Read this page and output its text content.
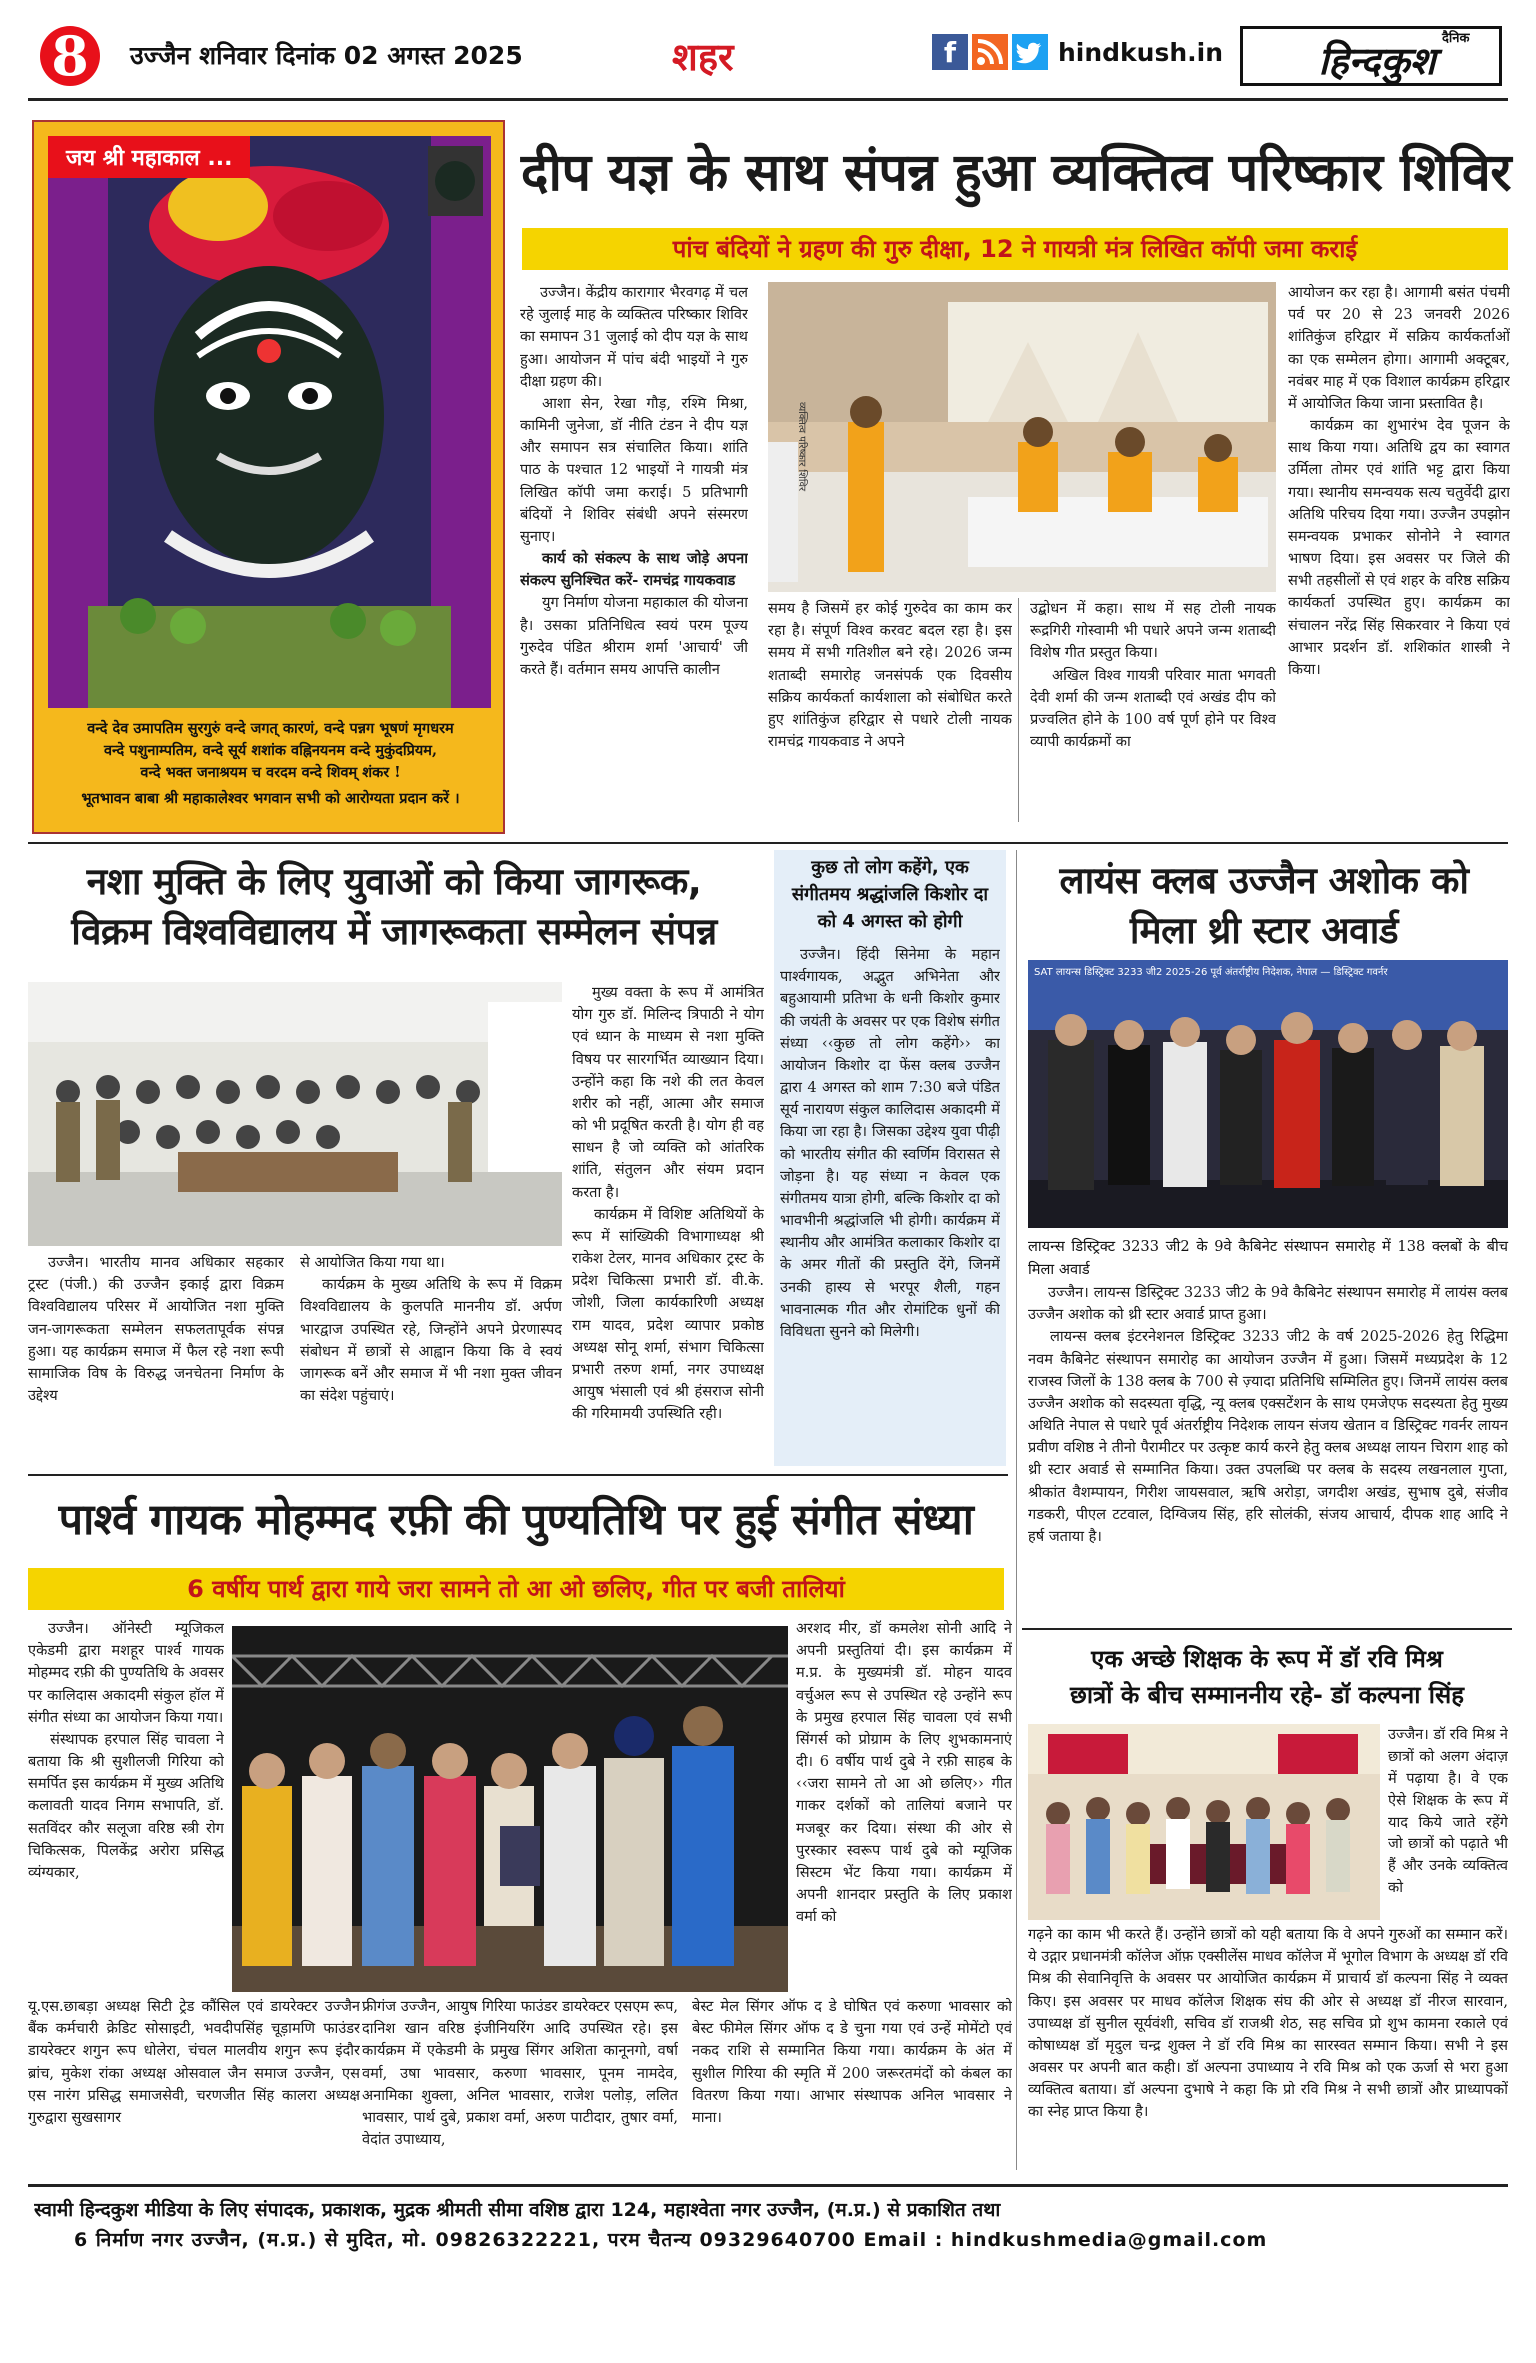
8	उज्जैन शनिवार दिनांक 02 अगस्त 2025	शहर	f	hindkush.in	दैनिक
हिन्दकुश
जय श्री महाकाल ...
वन्दे देव उमापतिम सुरगुरुं वन्दे जगत् कारणं, वन्दे पन्नग भूषणं मृगधरम
वन्दे पशुनाम्पतिम, वन्दे सूर्य शशांक वह्निनयनम वन्दे मुकुंदप्रियम,
वन्दे भक्त जनाश्रयम च वरदम वन्दे शिवम् शंकर !
भूतभावन बाबा श्री महाकालेश्वर भगवान सभी को आरोग्यता प्रदान करें ।
दीप यज्ञ के साथ संपन्न हुआ व्यक्तित्व परिष्कार शिविर
पांच बंदियों ने ग्रहण की गुरु दीक्षा, 12 ने गायत्री मंत्र लिखित कॉपी जमा कराई

उज्जैन। केंद्रीय कारागार भैरवगढ़ में चल रहे जुलाई माह के व्यक्तित्व परिष्कार शिविर का समापन 31 जुलाई को दीप यज्ञ के साथ हुआ। आयोजन में पांच बंदी भाइयों ने गुरु दीक्षा ग्रहण की।

आशा सेन, रेखा गौड़, रश्मि मिश्रा, कामिनी जुनेजा, डॉ नीति टंडन ने दीप यज्ञ और समापन सत्र संचालित किया। शांति पाठ के पश्चात 12 भाइयों ने गायत्री मंत्र लिखित कॉपी जमा कराई। 5 प्रतिभागी बंदियों ने शिविर संबंधी अपने संस्मरण सुनाए।

कार्य को संकल्प के साथ जोड़े अपना संकल्प सुनिश्चित करें- रामचंद्र गायकवाड

युग निर्माण योजना महाकाल की योजना है। उसका प्रतिनिधित्व स्वयं परम पूज्य गुरुदेव पंडित श्रीराम शर्मा 'आचार्य' जी करते हैं। वर्तमान समय आपत्ति कालीन

व्यक्तित्व परिष्कार शिविर

समय है जिसमें हर कोई गुरुदेव का काम कर रहा है। संपूर्ण विश्व करवट बदल रहा है। इस समय में सभी गतिशील बने रहे। 2026 जन्म शताब्दी समारोह जनसंपर्क एक दिवसीय सक्रिय कार्यकर्ता कार्यशाला को संबोधित करते हुए शांतिकुंज हरिद्वार से पधारे टोली नायक रामचंद्र गायकवाड ने अपने

उद्बोधन में कहा। साथ में सह टोली नायक रूद्रगिरी गोस्वामी भी पधारे अपने जन्म शताब्दी विशेष गीत प्रस्तुत किया।

अखिल विश्व गायत्री परिवार माता भगवती देवी शर्मा की जन्म शताब्दी एवं अखंड दीप को प्रज्वलित होने के 100 वर्ष पूर्ण होने पर विश्व व्यापी कार्यक्रमों का

आयोजन कर रहा है। आगामी बसंत पंचमी पर्व पर 20 से 23 जनवरी 2026 शांतिकुंज हरिद्वार में सक्रिय कार्यकर्ताओं का एक सम्मेलन होगा। आगामी अक्टूबर, नवंबर माह में एक विशाल कार्यक्रम हरिद्वार में आयोजित किया जाना प्रस्तावित है।

कार्यक्रम का शुभारंभ देव पूजन के साथ किया गया। अतिथि द्वय का स्वागत उर्मिला तोमर एवं शांति भट्ट द्वारा किया गया। स्थानीय समन्वयक सत्य चतुर्वेदी द्वारा अतिथि परिचय दिया गया। उज्जैन उपझोन समन्वयक प्रभाकर सोनोने ने स्वागत भाषण दिया। इस अवसर पर जिले की सभी तहसीलों से एवं शहर के वरिष्ठ सक्रिय कार्यकर्ता उपस्थित हुए। कार्यक्रम का संचालन नरेंद्र सिंह सिकरवार ने किया एवं आभार प्रदर्शन डॉ. शशिकांत शास्त्री ने किया।

नशा मुक्ति के लिए युवाओं को किया जागरूक,
विक्रम विश्वविद्यालय में जागरूकता सम्मेलन संपन्न

उज्जैन। भारतीय मानव अधिकार सहकार ट्रस्ट (पंजी.) की उज्जैन इकाई द्वारा विक्रम विश्वविद्यालय परिसर में आयोजित नशा मुक्ति जन-जागरूकता सम्मेलन सफलतापूर्वक संपन्न हुआ। यह कार्यक्रम समाज में फैल रहे नशा रूपी सामाजिक विष के विरुद्ध जनचेतना निर्माण के उद्देश्य

से आयोजित किया गया था।

कार्यक्रम के मुख्य अतिथि के रूप में विक्रम विश्वविद्यालय के कुलपति माननीय डॉ. अर्पण भारद्वाज उपस्थित रहे, जिन्होंने अपने प्रेरणास्पद संबोधन में छात्रों से आह्वान किया कि वे स्वयं जागरूक बनें और समाज में भी नशा मुक्त जीवन का संदेश पहुंचाएं।

मुख्य वक्ता के रूप में आमंत्रित योग गुरु डॉ. मिलिन्द त्रिपाठी ने योग एवं ध्यान के माध्यम से नशा मुक्ति विषय पर सारगर्भित व्याख्यान दिया। उन्होंने कहा कि नशे की लत केवल शरीर को नहीं, आत्मा और समाज को भी प्रदूषित करती है। योग ही वह साधन है जो व्यक्ति को आंतरिक शांति, संतुलन और संयम प्रदान करता है।

कार्यक्रम में विशिष्ट अतिथियों के रूप में सांख्यिकी विभागाध्यक्ष श्री राकेश टेलर, मानव अधिकार ट्रस्ट के प्रदेश चिकित्सा प्रभारी डॉ. वी.के. जोशी, जिला कार्यकारिणी अध्यक्ष राम यादव, प्रदेश व्यापार प्रकोष्ठ अध्यक्ष सोनू शर्मा, संभाग चिकित्सा प्रभारी तरुण शर्मा, नगर उपाध्यक्ष आयुष भंसाली एवं श्री हंसराज सोनी की गरिमामयी उपस्थिति रही।

कुछ तो लोग कहेंगे, एक संगीतमय श्रद्धांजलि किशोर दा को 4 अगस्त को होगी

उज्जैन। हिंदी सिनेमा के महान पार्श्वगायक, अद्भुत अभिनेता और बहुआयामी प्रतिभा के धनी किशोर कुमार की जयंती के अवसर पर एक विशेष संगीत संध्या ‹‹कुछ तो लोग कहेंगे›› का आयोजन किशोर दा फेंस क्लब उज्जैन द्वारा 4 अगस्त को शाम 7:30 बजे पंडित सूर्य नारायण संकुल कालिदास अकादमी में किया जा रहा है। जिसका उद्देश्य युवा पीढ़ी को भारतीय संगीत की स्वर्णिम विरासत से जोड़ना है। यह संध्या न केवल एक संगीतमय यात्रा होगी, बल्कि किशोर दा को भावभीनी श्रद्धांजलि भी होगी। कार्यक्रम में स्थानीय और आमंत्रित कलाकार किशोर दा के अमर गीतों की प्रस्तुति देंगे, जिनमें उनकी हास्य से भरपूर शैली, गहन भावनात्मक गीत और रोमांटिक धुनों की विविधता सुनने को मिलेगी।

लायंस क्लब उज्जैन अशोक को
मिला थ्री स्टार अवार्ड
SAT लायन्स डिस्ट्रिक्ट 3233 जी2 2025-26 पूर्व अंतर्राष्ट्रीय निदेशक, नेपाल — डिस्ट्रिक्ट गवर्नर
लायन्स डिस्ट्रिक्ट 3233 जी2 के 9वे कैबिनेट संस्थापन समारोह में 138 क्लबों के बीच मिला अवार्ड

उज्जैन। लायन्स डिस्ट्रिक्ट 3233 जी2 के 9वे कैबिनेट संस्थापन समारोह में लायंस क्लब उज्जैन अशोक को थ्री स्टार अवार्ड प्राप्त हुआ।

लायन्स क्लब इंटरनेशनल डिस्ट्रिक्ट 3233 जी2 के वर्ष 2025-2026 हेतु रिद्धिमा नवम कैबिनेट संस्थापन समारोह का आयोजन उज्जैन में हुआ। जिसमें मध्यप्रदेश के 12 राजस्व जिलों के 138 क्लब के 700 से ज़्यादा प्रतिनिधि सम्मिलित हुए। जिनमें लायंस क्लब उज्जैन अशोक को सदस्यता वृद्धि, न्यू क्लब एक्सटेंशन के साथ एमजेएफ सदस्यता हेतु मुख्य अथिति नेपाल से पधारे पूर्व अंतर्राष्ट्रीय निदेशक लायन संजय खेतान व डिस्ट्रिक्ट गवर्नर लायन प्रवीण वशिष्ठ ने तीनो पैरामीटर पर उत्कृष्ट कार्य करने हेतु क्लब अध्यक्ष लायन चिराग शाह को थ्री स्टार अवार्ड से सम्मानित किया। उक्त उपलब्धि पर क्लब के सदस्य लखनलाल गुप्ता, श्रीकांत वैशम्पायन, गिरीश जायसवाल, ऋषि अरोड़ा, जगदीश अखंड, सुभाष दुबे, संजीव गडकरी, पीएल टटवाल, दिग्विजय सिंह, हरि सोलंकी, संजय आचार्य, दीपक शाह आदि ने हर्ष जताया है।

पार्श्व गायक मोहम्मद रफ़ी की पुण्यतिथि पर हुई संगीत संध्या
6 वर्षीय पार्थ द्वारा गाये जरा सामने तो आ ओ छलिए, गीत पर बजी तालियां

उज्जैन। ऑनेस्टी म्यूजिकल एकेडमी द्वारा मशहूर पार्श्व गायक मोहम्मद रफ़ी की पुण्यतिथि के अवसर पर कालिदास अकादमी संकुल हॉल में संगीत संध्या का आयोजन किया गया।

संस्थापक हरपाल सिंह चावला ने बताया कि श्री सुशीलजी गिरिया को समर्पित इस कार्यक्रम में मुख्य अतिथि कलावती यादव निगम सभापति, डॉ. सतविंदर कौर सलूजा वरिष्ठ स्त्री रोग चिकित्सक, पिलकेंद्र अरोरा प्रसिद्ध व्यंग्यकार,

यू.एस.छाबड़ा अध्यक्ष सिटी ट्रेड कौंसिल एवं डायरेक्टर उज्जैन बैंक कर्मचारी क्रेडिट सोसाइटी, भवदीपसिंह चूड़ामणि फाउंडर डायरेक्टर शगुन रूप धोलेरा, चंचल मालवीय शगुन रूप इंदौर ब्रांच, मुकेश रांका अध्यक्ष ओसवाल जैन समाज उज्जैन, एस एस नारंग प्रसिद्ध समाजसेवी, चरणजीत सिंह कालरा अध्यक्ष गुरुद्वारा सुखसागर

फ्रीगंज उज्जैन, आयुष गिरिया फाउंडर डायरेक्टर एसएम रूप, दानिश खान वरिष्ठ इंजीनियरिंग आदि उपस्थित रहे। इस कार्यक्रम में एकेडमी के प्रमुख सिंगर अशिता कानूनगो, वर्षा वर्मा, उषा भावसार, करुणा भावसार, पूनम नामदेव, अनामिका शुक्ला, अनिल भावसार, राजेश पलोड़, ललित भावसार, पार्थ दुबे, प्रकाश वर्मा, अरुण पाटीदार, तुषार वर्मा, वेदांत उपाध्याय,

बेस्ट मेल सिंगर ऑफ द डे घोषित एवं करुणा भावसार को बेस्ट फीमेल सिंगर ऑफ द डे चुना गया एवं उन्हें मोमेंटो एवं नकद राशि से सम्मानित किया गया। कार्यक्रम के अंत में सुशील गिरिया की स्मृति में 200 जरूरतमंदों को कंबल का वितरण किया गया। आभार संस्थापक अनिल भावसार ने माना।

अरशद मीर, डॉ कमलेश सोनी आदि ने अपनी प्रस्तुतियां दी। इस कार्यक्रम में म.प्र. के मुख्यमंत्री डॉ. मोहन यादव वर्चुअल रूप से उपस्थित रहे उन्होंने रूप के प्रमुख हरपाल सिंह चावला एवं सभी सिंगर्स को प्रोग्राम के लिए शुभकामनाएं दी। 6 वर्षीय पार्थ दुबे ने रफ़ी साहब के ‹‹जरा सामने तो आ ओ छलिए›› गीत गाकर दर्शकों को तालियां बजाने पर मजबूर कर दिया। संस्था की ओर से पुरस्कार स्वरूप पार्थ दुबे को म्यूजिक सिस्टम भेंट किया गया। कार्यक्रम में अपनी शानदार प्रस्तुति के लिए प्रकाश वर्मा को

एक अच्छे शिक्षक के रूप में डॉ रवि मिश्र
छात्रों के बीच सम्माननीय रहे- डॉ कल्पना सिंह

उज्जैन। डॉ रवि मिश्र ने छात्रों को अलग अंदाज़ में पढ़ाया है। वे एक ऐसे शिक्षक के रूप में याद किये जाते रहेंगे जो छात्रों को पढ़ाते भी हैं और उनके व्यक्तित्व को

गढ़ने का काम भी करते हैं। उन्होंने छात्रों को यही बताया कि वे अपने गुरुओं का सम्मान करें। ये उद्गार प्रधानमंत्री कॉलेज ऑफ़ एक्सीलेंस माधव कॉलेज में भूगोल विभाग के अध्यक्ष डॉ रवि मिश्र की सेवानिवृत्ति के अवसर पर आयोजित कार्यक्रम में प्राचार्य डॉ कल्पना सिंह ने व्यक्त किए। इस अवसर पर माधव कॉलेज शिक्षक संघ की ओर से अध्यक्ष डॉ नीरज सारवान, उपाध्यक्ष डॉ सुनील सूर्यवंशी, सचिव डॉ राजश्री शेठ, सह सचिव प्रो शुभ कामना रकाले एवं कोषाध्यक्ष डॉ मृदुल चन्द्र शुक्ल ने डॉ रवि मिश्र का सारस्वत सम्मान किया। सभी ने इस अवसर पर अपनी बात कही। डॉ अल्पना उपाध्याय ने रवि मिश्र को एक ऊर्जा से भरा हुआ व्यक्तित्व बताया। डॉ अल्पना दुभाषे ने कहा कि प्रो रवि मिश्र ने सभी छात्रों और प्राध्यापकों का स्नेह प्राप्त किया है।

स्वामी हिन्दकुश मीडिया के लिए संपादक, प्रकाशक, मुद्रक श्रीमती सीमा वशिष्ठ द्वारा 124, महाश्वेता नगर उज्जैन, (म.प्र.) से प्रकाशित तथा
6 निर्माण नगर उज्जैन, (म.प्र.) से मुदित, मो. 09826322221, परम चैतन्य 09329640700 Email : hindkushmedia@gmail.com
